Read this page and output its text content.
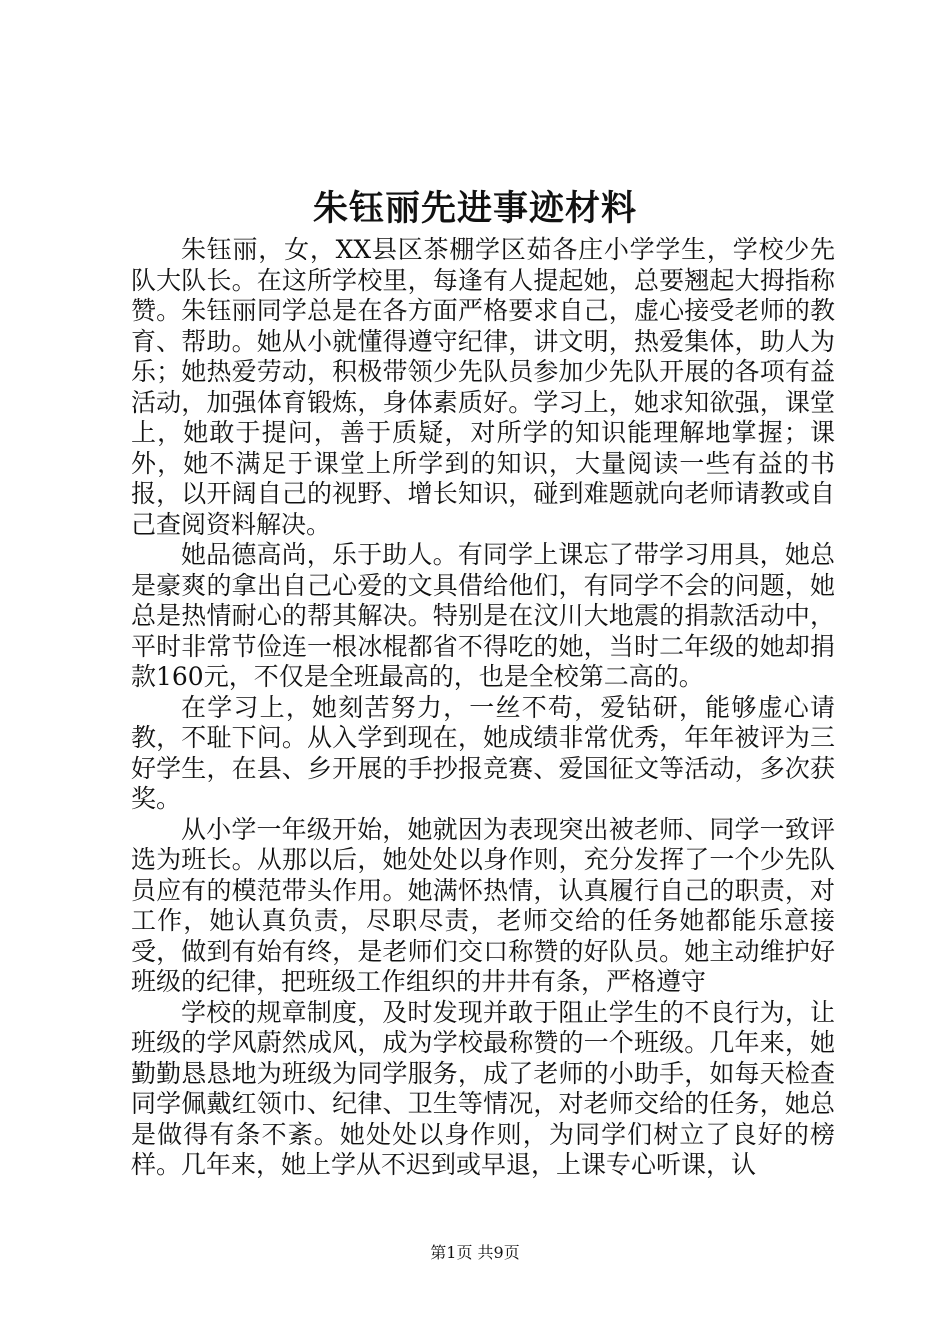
朱钰丽先进事迹材料

朱钰丽，女，XX县区茶棚学区茹各庄小学学生，学校少先队大队长。在这所学校里，每逢有人提起她，总要翘起大拇指称赞。朱钰丽同学总是在各方面严格要求自己，虚心接受老师的教育、帮助。她从小就懂得遵守纪律，讲文明，热爱集体，助人为乐；她热爱劳动，积极带领少先队员参加少先队开展的各项有益活动，加强体育锻炼，身体素质好。学习上，她求知欲强，课堂上，她敢于提问，善于质疑，对所学的知识能理解地掌握；课外，她不满足于课堂上所学到的知识，大量阅读一些有益的书报，以开阔自己的视野、增长知识，碰到难题就向老师请教或自己查阅资料解决。

她品德高尚，乐于助人。有同学上课忘了带学习用具，她总是豪爽的拿出自己心爱的文具借给他们，有同学不会的问题，她总是热情耐心的帮其解决。特别是在汶川大地震的捐款活动中，平时非常节俭连一根冰棍都省不得吃的她，当时二年级的她却捐款160元，不仅是全班最高的，也是全校第二高的。

在学习上，她刻苦努力，一丝不苟，爱钻研，能够虚心请教，不耻下问。从入学到现在，她成绩非常优秀，年年被评为三好学生，在县、乡开展的手抄报竞赛、爱国征文等活动，多次获奖。

从小学一年级开始，她就因为表现突出被老师、同学一致评选为班长。从那以后，她处处以身作则，充分发挥了一个少先队员应有的模范带头作用。她满怀热情，认真履行自己的职责，对工作，她认真负责，尽职尽责，老师交给的任务她都能乐意接受，做到有始有终，是老师们交口称赞的好队员。她主动维护好班级的纪律，把班级工作组织的井井有条，严格遵守

学校的规章制度，及时发现并敢于阻止学生的不良行为，让班级的学风蔚然成风，成为学校最称赞的一个班级。几年来，她勤勤恳恳地为班级为同学服务，成了老师的小助手，如每天检查同学佩戴红领巾、纪律、卫生等情况，对老师交给的任务，她总是做得有条不紊。她处处以身作则，为同学们树立了良好的榜样。几年来，她上学从不迟到或早退，上课专心听课，认

第1页 共9页
